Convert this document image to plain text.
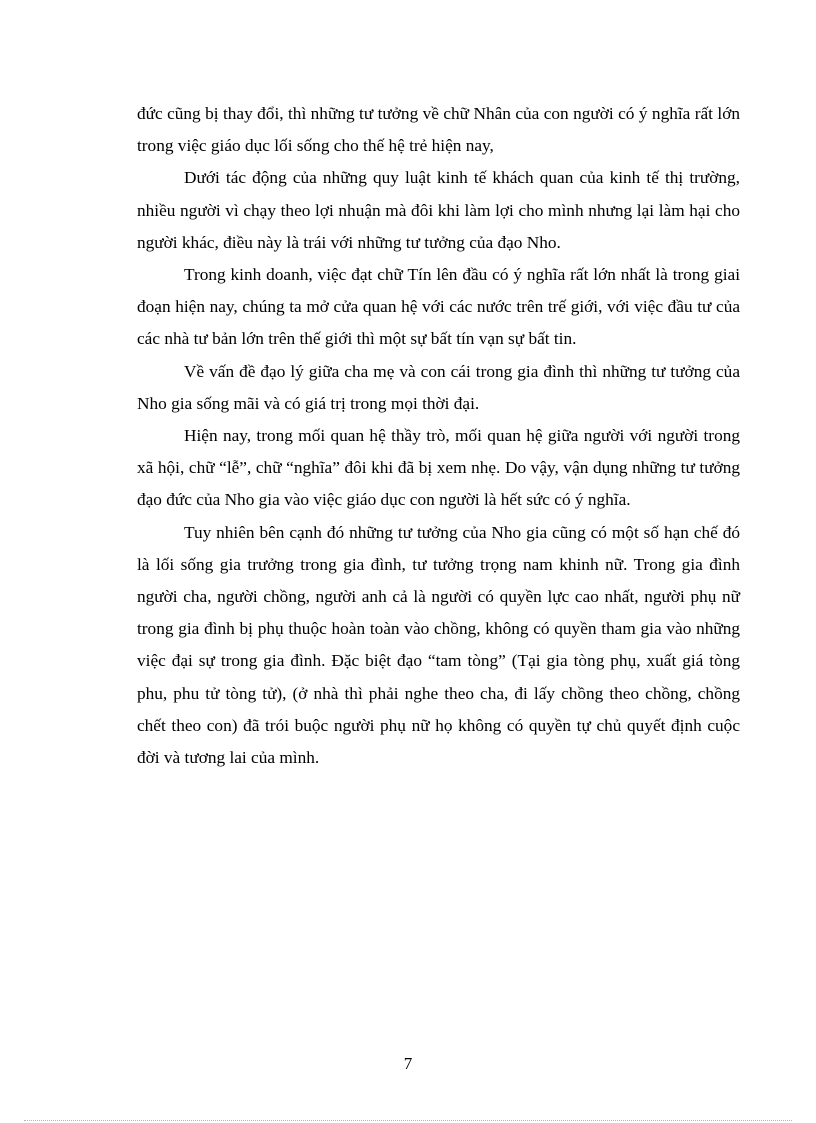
đức cũng bị thay đổi, thì những tư tưởng về chữ Nhân của con người có ý nghĩa rất lớn trong việc giáo dục lối sống cho thế hệ trẻ hiện nay,

Dưới tác động của những quy luật kinh tế khách quan của kinh tế thị trường, nhiều người vì chạy theo lợi nhuận mà đôi khi làm lợi cho mình nhưng lại làm hại cho người khác, điều này là trái với những tư tưởng của đạo Nho.

Trong kinh doanh, việc đạt chữ Tín lên đầu có ý nghĩa rất lớn nhất là trong giai đoạn hiện nay, chúng ta mở cửa quan hệ với các nước trên trế giới, với việc đầu tư của các nhà tư bản lớn trên thế giới thì một sự bất tín vạn sự bất tin.

Về vấn đề đạo lý giữa cha mẹ và con cái trong gia đình thì những tư tưởng của Nho gia sống mãi và có giá trị trong mọi thời đại.

Hiện nay, trong mối quan hệ thầy trò, mối quan hệ giữa người với người trong xã hội, chữ “lễ”, chữ “nghĩa” đôi khi đã bị xem nhẹ. Do vậy, vận dụng những tư tưởng đạo đức của Nho gia vào việc giáo dục con người là hết sức có ý nghĩa.

Tuy nhiên bên cạnh đó những tư tưởng của Nho gia cũng có một số hạn chế đó là lối sống gia trưởng trong gia đình, tư tưởng trọng nam khinh nữ. Trong gia đình người cha, người chồng, người anh cả là người có quyền lực cao nhất, người phụ nữ trong gia đình bị phụ thuộc hoàn toàn vào chồng, không có quyền tham gia vào những việc đại sự trong gia đình. Đặc biệt đạo “tam tòng” (Tại gia tòng phụ, xuất giá tòng phu, phu tử tòng tử), (ở nhà thì phải nghe theo cha, đi lấy chồng theo chồng, chồng chết theo con) đã trói buộc người phụ nữ họ không có quyền tự chủ quyết định cuộc đời và tương lai của mình.

7
